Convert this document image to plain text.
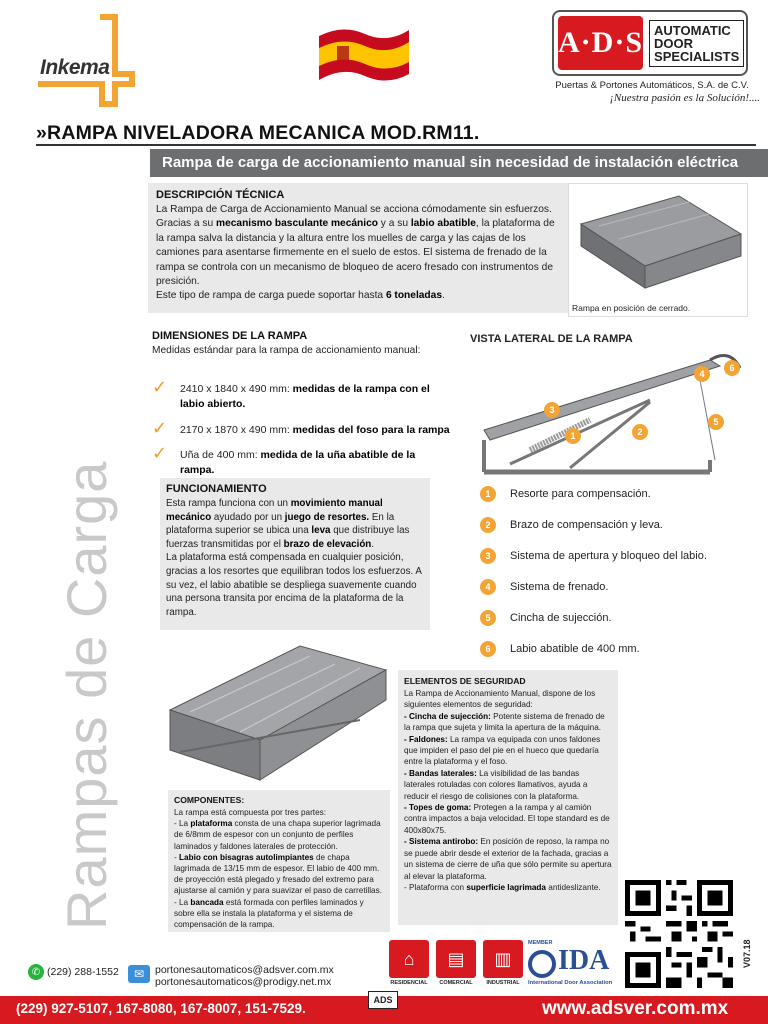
Inkema
A·D·S AUTOMATIC
DOOR
SPECIALISTS
Puertas & Portones Automáticos, S.A. de C.V.
¡Nuestra pasión es la Solución!....
»RAMPA NIVELADORA MECANICA MOD.RM11.
Rampa de carga de accionamiento manual sin necesidad de instalación eléctrica
Rampas de Carga
DESCRIPCIÓN TÉCNICA
La Rampa de Carga de Accionamiento Manual se acciona cómodamente sin esfuerzos. Gracias a su mecanismo basculante mecánico y a su labio abatible, la plataforma de la rampa salva la distancia y la altura entre los muelles de carga y las cajas de los camiones para asentarse firmemente en el suelo de estos. El sistema de frenado de la rampa se controla con un mecanismo de bloqueo de acero fresado con instrumentos de presición.
Este tipo de rampa de carga puede soportar hasta 6 toneladas.
Rampa en posición de cerrado.
DIMENSIONES DE LA RAMPA
Medidas estándar para la rampa de accionamiento manual:
✓ 2410 x 1840 x 490 mm: medidas de la rampa con el labio abierto.
✓ 2170 x 1870 x 490 mm: medidas del foso para la rampa
✓ Uña de 400 mm: medida de la uña abatible de la rampa.
VISTA LATERAL DE LA RAMPA
1	2
3
4
5
6
1	Resorte para compensación.
2	Brazo de compensación y leva.
3	Sistema de apertura y bloqueo del labio.
4	Sistema de frenado.
5	Cincha de sujección.
6	Labio abatible de 400 mm.
FUNCIONAMIENTO
Esta rampa funciona con un movimiento manual mecánico ayudado por un juego de resortes. En la plataforma superior se ubica una leva que distribuye las fuerzas transmitidas por el brazo de elevación.
La plataforma está compensada en cualquier posición, gracias a los resortes que equilibran todos los esfuerzos. A su vez, el labio abatible se despliega suavemente cuando una persona transita por encima de la plataforma de la rampa.
COMPONENTES:
La rampa está compuesta por tres partes:
- La plataforma consta de una chapa superior lagrimada de 6/8mm de espesor con un conjunto de perfiles laminados y faldones laterales de protección.
- Labio con bisagras autolimpiantes de chapa lagrimada de 13/15 mm de espesor. El labio de 400 mm. de proyección está plegado y fresado del extremo para ajustarse al camión y para suavizar el paso de carretillas.
- La bancada está formada con perfiles laminados y sobre ella se instala la plataforma y el sistema de compensación de la rampa.
ELEMENTOS DE SEGURIDAD
La Rampa de Accionamiento Manual, dispone de los siguientes elementos de seguridad:
- Cincha de sujección: Potente sistema de frenado de la rampa que sujeta y limita la apertura de la máquina.
- Faldones: La rampa va equipada con unos faldones que impiden el paso del pie en el hueco que quedaría entre la plataforma y el foso.
- Bandas laterales: La visibilidad de las bandas laterales rotuladas con colores llamativos, ayuda a reducir el riesgo de colisiones con la plataforma.
- Topes de goma: Protegen a la rampa y al camión contra impactos a baja velocidad. El tope standard es de 400x80x75.
- Sistema antirobo: En posición de reposo, la rampa no se puede abrir desde el exterior de la fachada, gracias a un sistema de cierre de uña que sólo permite su apertura al elevar la plataforma.
- Plataforma con superficie lagrimada antideslizante.
V07.18
✆ (229) 288-1552	✉	portonesautomaticos@adsver.com.mx
portonesautomaticos@prodigy.net.mx
⌂
RESIDENCIAL
▤
COMERCIAL
▥
INDUSTRIAL
MEMBER
IDA
International Door Association
(229) 927-5107, 167-8080, 167-8007, 151-7529.
ADS	www.adsver.com.mx
